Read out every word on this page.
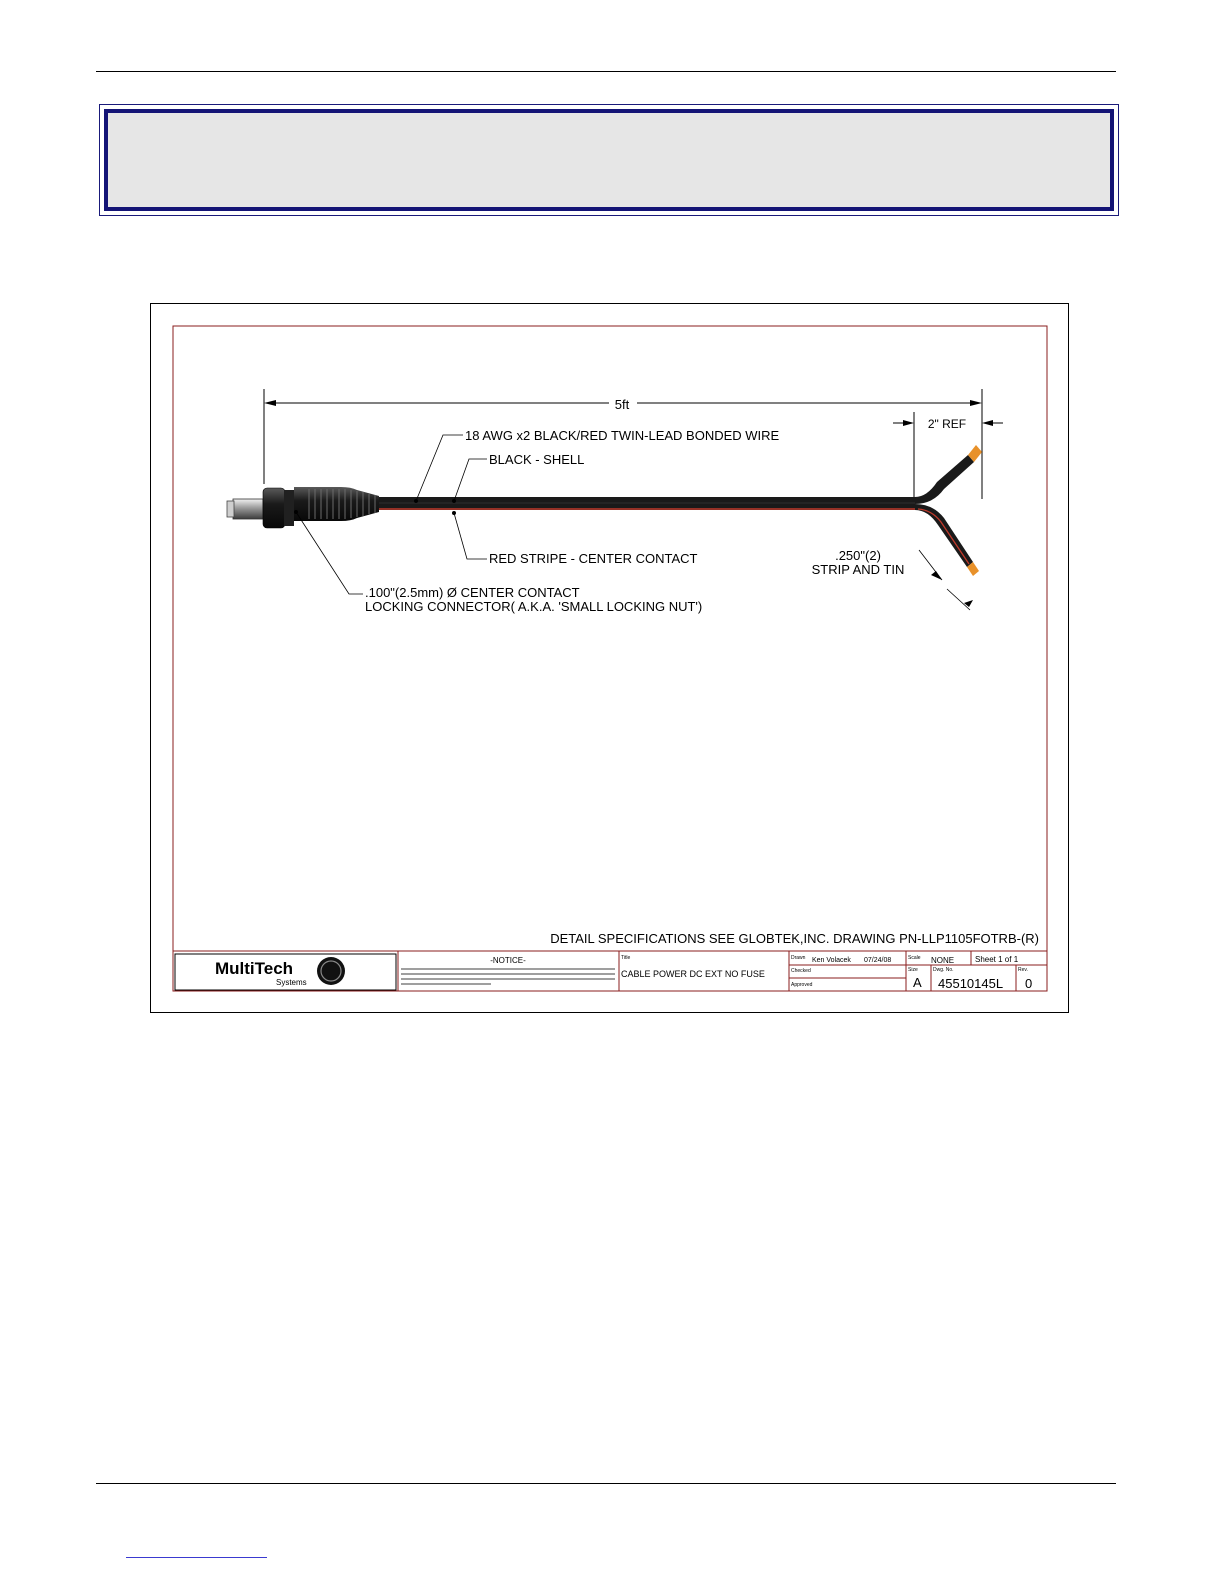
5ft
2" REF
18 AWG x2 BLACK/RED TWIN-LEAD BONDED WIRE
BLACK - SHELL
RED STRIPE - CENTER CONTACT
.100"(2.5mm) Ø CENTER CONTACT
LOCKING CONNECTOR( A.K.A. 'SMALL LOCKING NUT')
.250"(2)
STRIP AND TIN
DETAIL SPECIFICATIONS SEE GLOBTEK,INC. DRAWING PN-LLP1105FOTRB-(R)
MultiTech
Systems
-NOTICE-	Title
CABLE POWER DC EXT NO FUSE
Drawn Ken Volacek 07/24/08
Checked
Approved
Scale NONE	Sheet 1 of 1
Size
A
Dwg. No.
45510145L
Rev.
0
